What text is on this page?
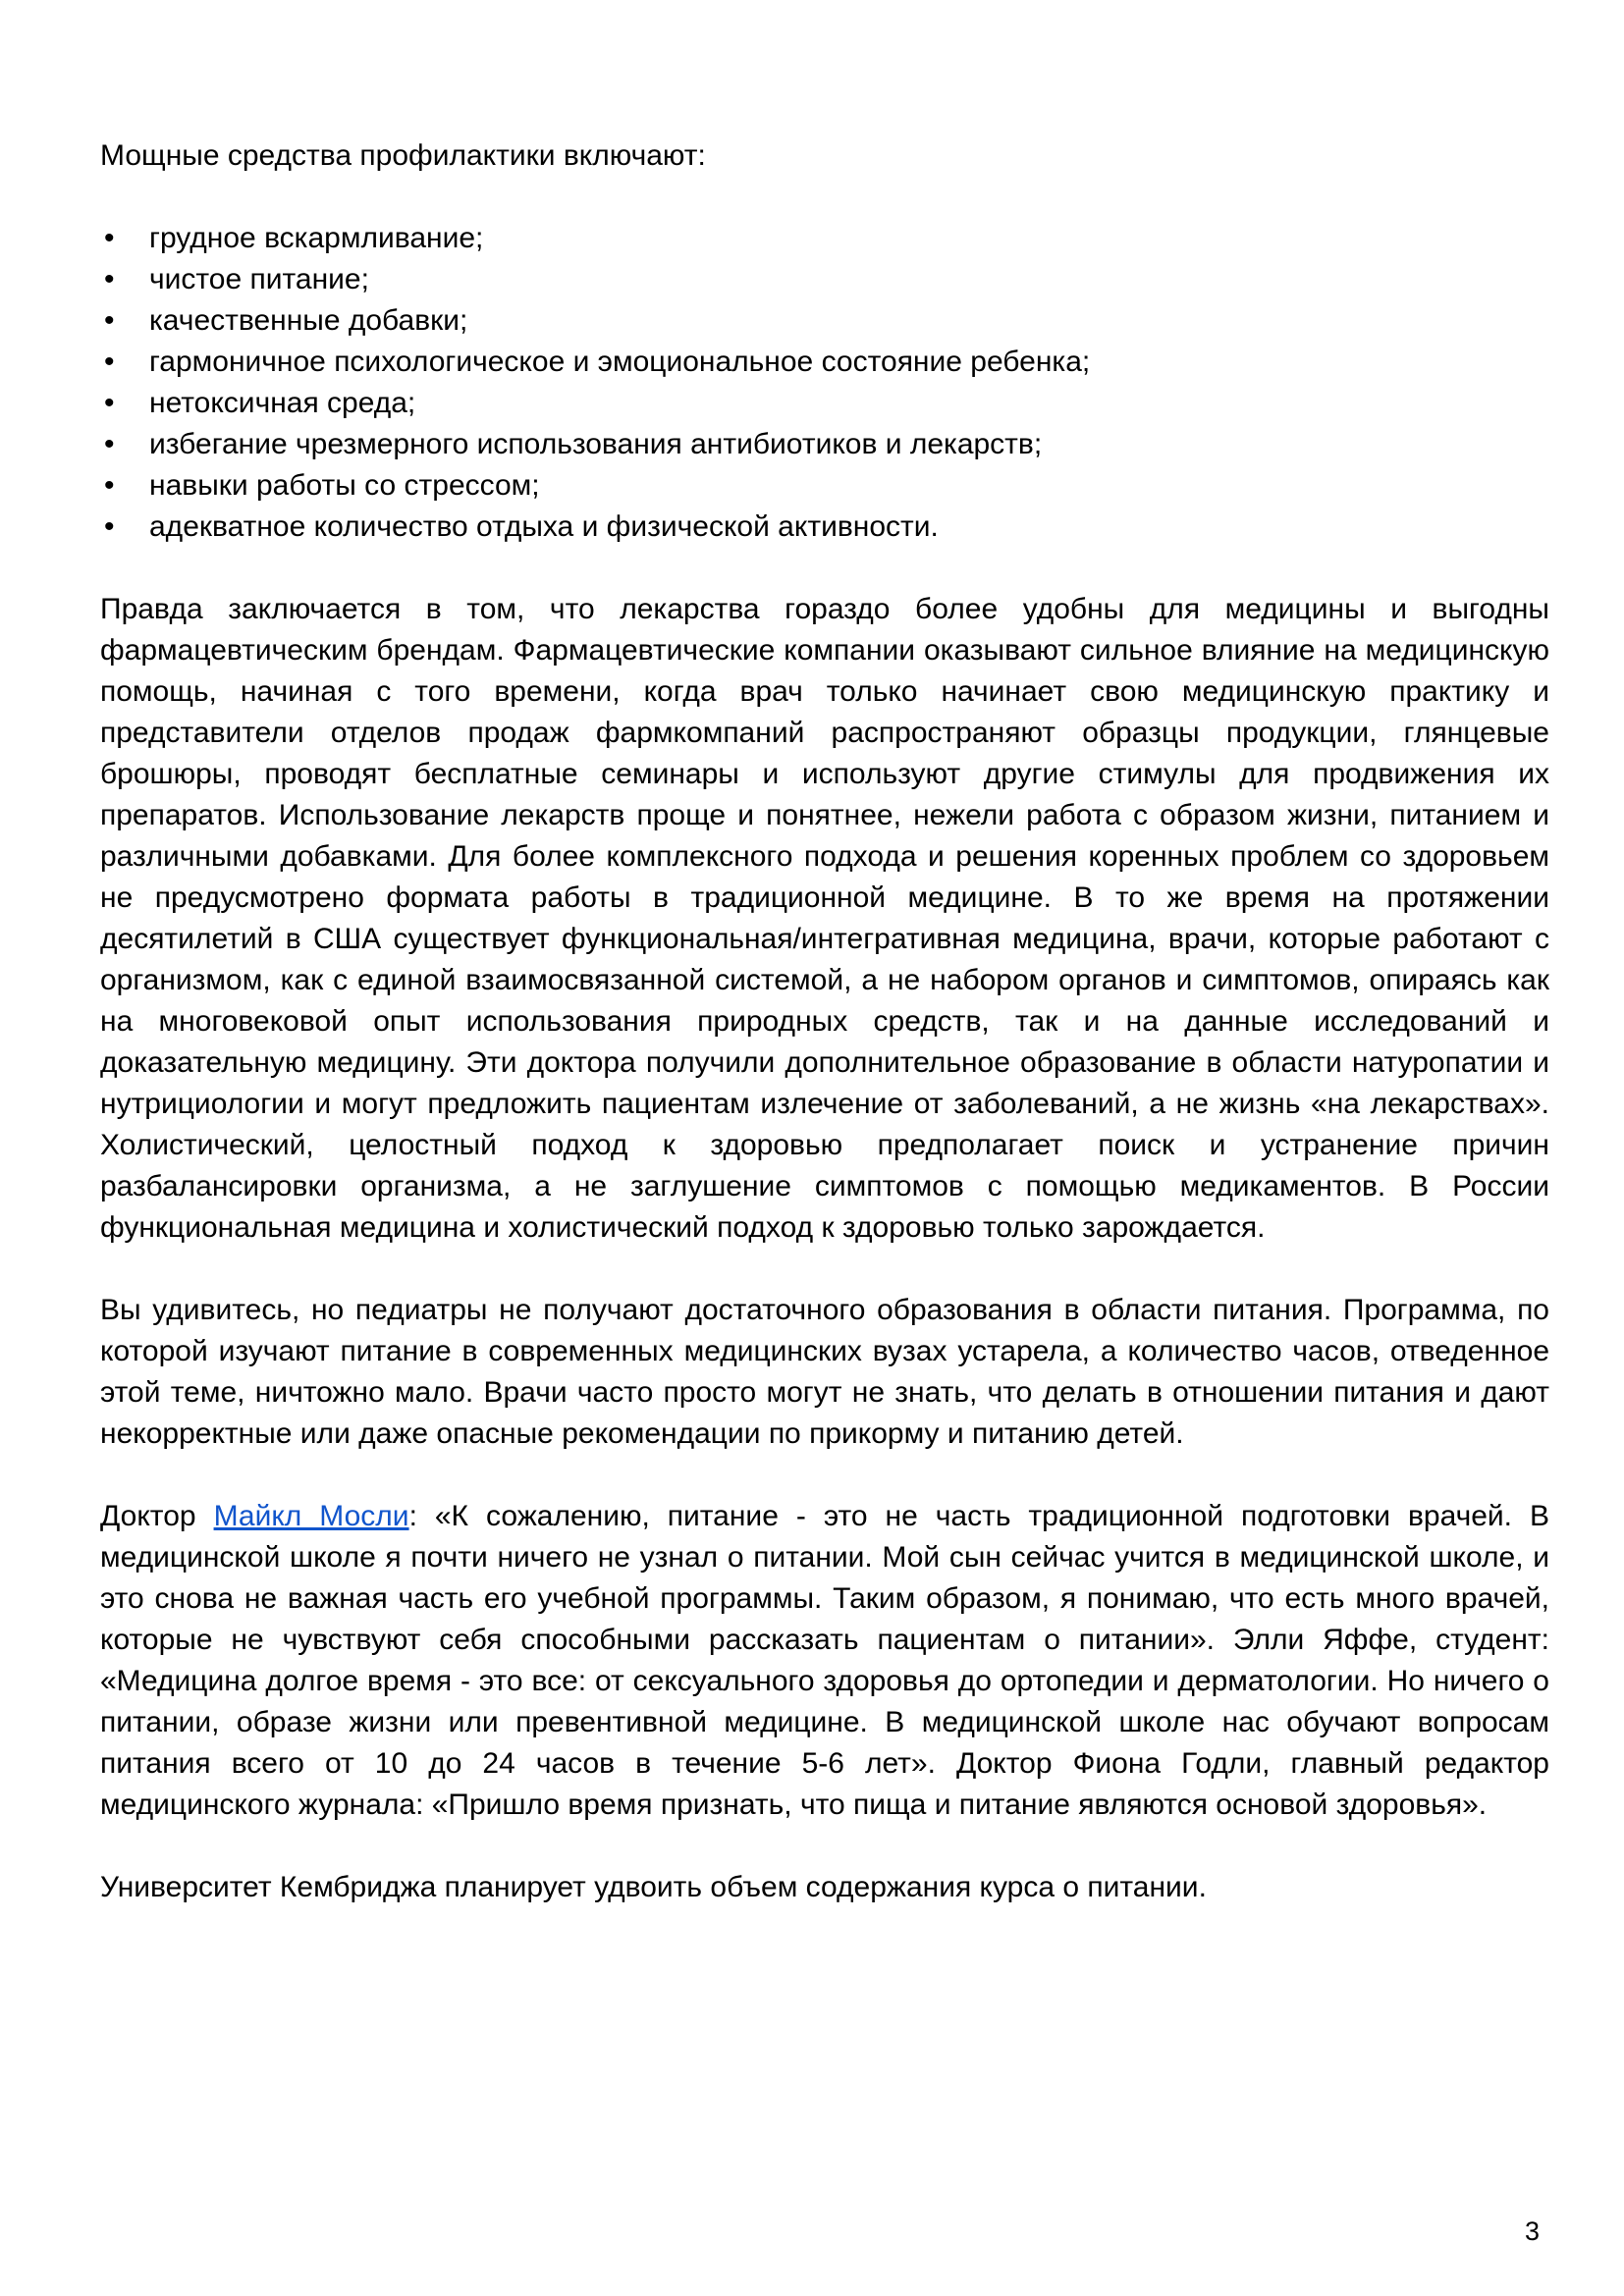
Мощные средства профилактики включают:

• грудное вскармливание;
• чистое питание;
• качественные добавки;
• гармоничное психологическое и эмоциональное состояние ребенка;
• нетоксичная среда;
• избегание чрезмерного использования антибиотиков и лекарств;
• навыки работы со стрессом;
• адекватное количество отдыха и физической активности.

Правда заключается в том, что лекарства гораздо более удобны для медицины и выгодны фармацевтическим брендам. Фармацевтические компании оказывают сильное влияние на медицинскую помощь, начиная с того времени, когда врач только начинает свою медицинскую практику и представители отделов продаж фармкомпаний распространяют образцы продукции, глянцевые брошюры, проводят бесплатные семинары и используют другие стимулы для продвижения их препаратов. Использование лекарств проще и понятнее, нежели работа с образом жизни, питанием и различными добавками. Для более комплексного подхода и решения коренных проблем со здоровьем не предусмотрено формата работы в традиционной медицине. В то же время на протяжении десятилетий в США существует функциональная/интегративная медицина, врачи, которые работают с организмом, как с единой взаимосвязанной системой, а не набором органов и симптомов, опираясь как на многовековой опыт использования природных средств, так и на данные исследований и доказательную медицину. Эти доктора получили дополнительное образование в области натуропатии и нутрициологии и могут предложить пациентам излечение от заболеваний, а не жизнь «на лекарствах». Холистический, целостный подход к здоровью предполагает поиск и устранение причин разбалансировки организма, а не заглушение симптомов с помощью медикаментов. В России функциональная медицина и холистический подход к здоровью только зарождается.

Вы удивитесь, но педиатры не получают достаточного образования в области питания. Программа, по которой изучают питание в современных медицинских вузах устарела, а количество часов, отведенное этой теме, ничтожно мало. Врачи часто просто могут не знать, что делать в отношении питания и дают некорректные или даже опасные рекомендации по прикорму и питанию детей.

Доктор Майкл Мосли: «К сожалению, питание - это не часть традиционной подготовки врачей. В медицинской школе я почти ничего не узнал о питании. Мой сын сейчас учится в медицинской школе, и это снова не важная часть его учебной программы. Таким образом, я понимаю, что есть много врачей, которые не чувствуют себя способными рассказать пациентам о питании». Элли Яффе, студент: «Медицина долгое время - это все: от сексуального здоровья до ортопедии и дерматологии. Но ничего о питании, образе жизни или превентивной медицине. В медицинской школе нас обучают вопросам питания всего от 10 до 24 часов в течение 5-6 лет». Доктор Фиона Годли, главный редактор медицинского журнала: «Пришло время признать, что пища и питание являются основой здоровья».

Университет Кембриджа планирует удвоить объем содержания курса о питании.

3
